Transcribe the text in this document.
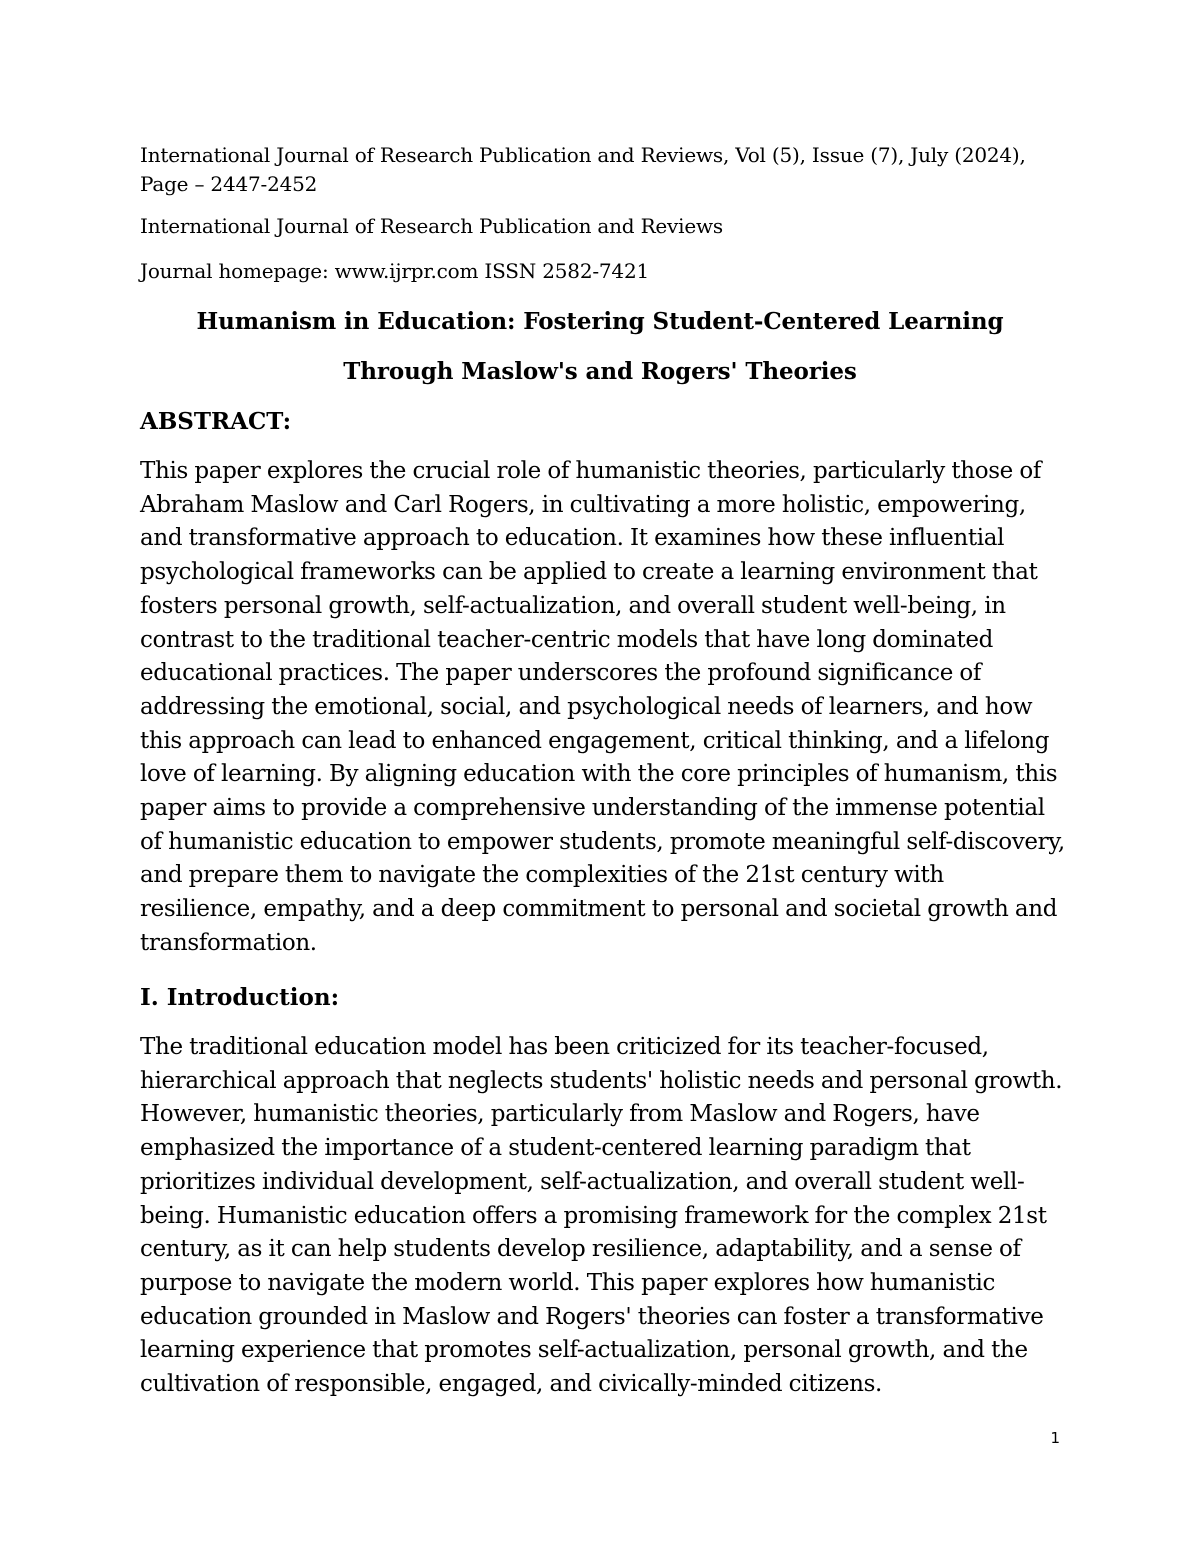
International Journal of Research Publication and Reviews, Vol (5), Issue (7), July (2024), Page – 2447-2452

International Journal of Research Publication and Reviews

Journal homepage: www.ijrpr.com ISSN 2582-7421

Humanism in Education: Fostering Student-Centered Learning
Through Maslow's and Rogers' Theories
ABSTRACT:
This paper explores the crucial role of humanistic theories, particularly those of Abraham Maslow and Carl Rogers, in cultivating a more holistic, empowering, and transformative approach to education. It examines how these influential psychological frameworks can be applied to create a learning environment that fosters personal growth, self-actualization, and overall student well-being, in contrast to the traditional teacher-centric models that have long dominated educational practices. The paper underscores the profound significance of addressing the emotional, social, and psychological needs of learners, and how this approach can lead to enhanced engagement, critical thinking, and a lifelong love of learning. By aligning education with the core principles of humanism, this paper aims to provide a comprehensive understanding of the immense potential of humanistic education to empower students, promote meaningful self-discovery, and prepare them to navigate the complexities of the 21st century with resilience, empathy, and a deep commitment to personal and societal growth and transformation.
I. Introduction:
The traditional education model has been criticized for its teacher-focused, hierarchical approach that neglects students' holistic needs and personal growth. However, humanistic theories, particularly from Maslow and Rogers, have emphasized the importance of a student-centered learning paradigm that prioritizes individual development, self-actualization, and overall student well-being. Humanistic education offers a promising framework for the complex 21st century, as it can help students develop resilience, adaptability, and a sense of purpose to navigate the modern world. This paper explores how humanistic education grounded in Maslow and Rogers' theories can foster a transformative learning experience that promotes self-actualization, personal growth, and the cultivation of responsible, engaged, and civically-minded citizens.
1
